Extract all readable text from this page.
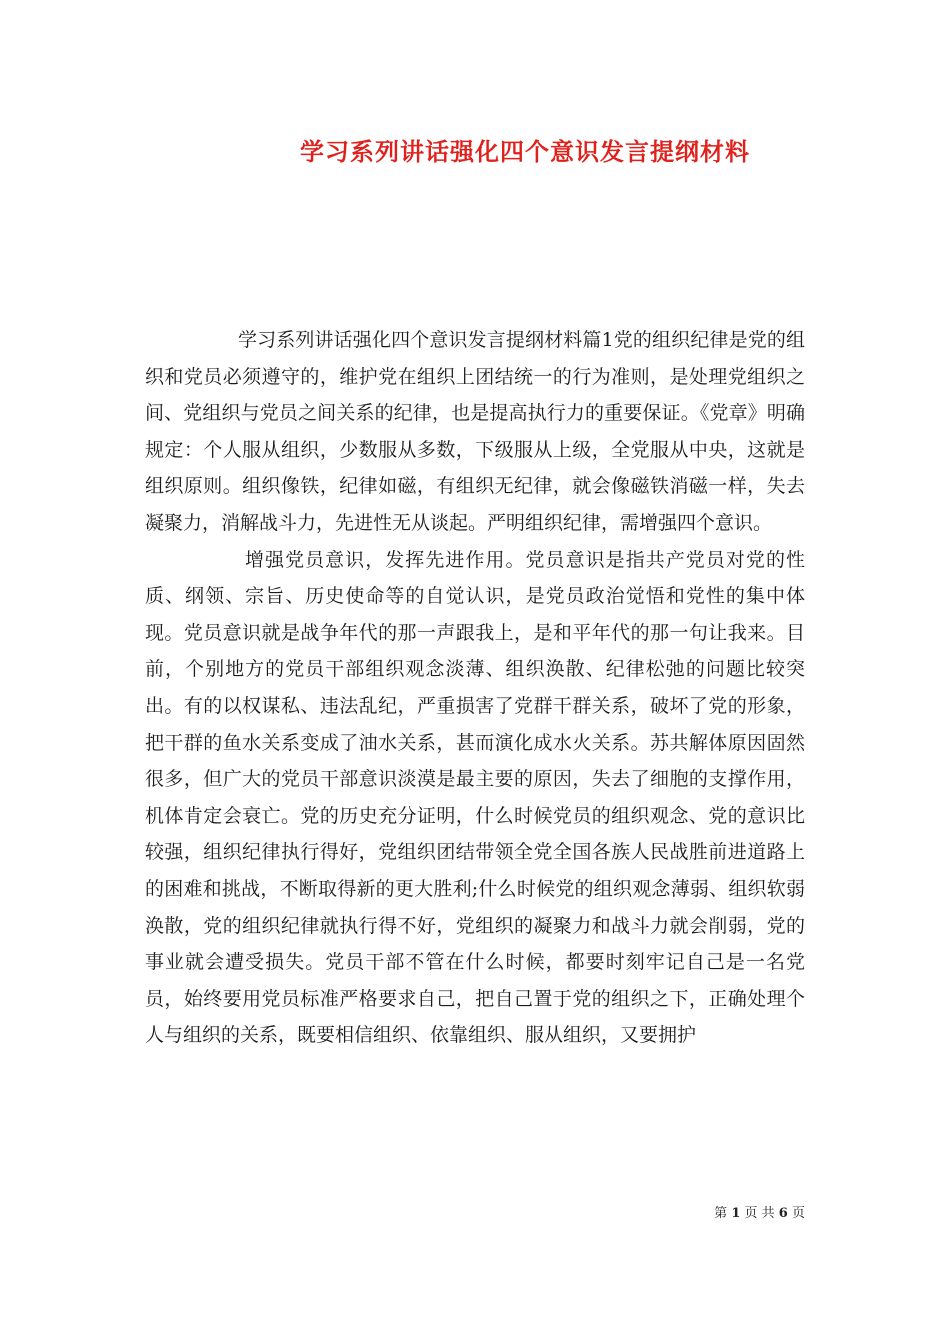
学习系列讲话强化四个意识发言提纲材料

学习系列讲话强化四个意识发言提纲材料篇1党的组织纪律是党的组织和党员必须遵守的，维护党在组织上团结统一的行为准则，是处理党组织之间、党组织与党员之间关系的纪律，也是提高执行力的重要保证。《党章》明确规定：个人服从组织，少数服从多数，下级服从上级，全党服从中央，这就是组织原则。组织像铁，纪律如磁，有组织无纪律，就会像磁铁消磁一样，失去凝聚力，消解战斗力，先进性无从谈起。严明组织纪律，需增强四个意识。

增强党员意识，发挥先进作用。党员意识是指共产党员对党的性质、纲领、宗旨、历史使命等的自觉认识，是党员政治觉悟和党性的集中体现。党员意识就是战争年代的那一声跟我上，是和平年代的那一句让我来。目前，个别地方的党员干部组织观念淡薄、组织涣散、纪律松弛的问题比较突出。有的以权谋私、违法乱纪，严重损害了党群干群关系，破坏了党的形象，把干群的鱼水关系变成了油水关系，甚而演化成水火关系。苏共解体原因固然很多，但广大的党员干部意识淡漠是最主要的原因，失去了细胞的支撑作用，机体肯定会衰亡。党的历史充分证明，什么时候党员的组织观念、党的意识比较强，组织纪律执行得好，党组织团结带领全党全国各族人民战胜前进道路上的困难和挑战，不断取得新的更大胜利;什么时候党的组织观念薄弱、组织软弱涣散，党的组织纪律就执行得不好，党组织的凝聚力和战斗力就会削弱，党的事业就会遭受损失。党员干部不管在什么时候，都要时刻牢记自己是一名党员，始终要用党员标准严格要求自己，把自己置于党的组织之下，正确处理个人与组织的关系，既要相信组织、依靠组织、服从组织，又要拥护

第 1 页 共 6 页
